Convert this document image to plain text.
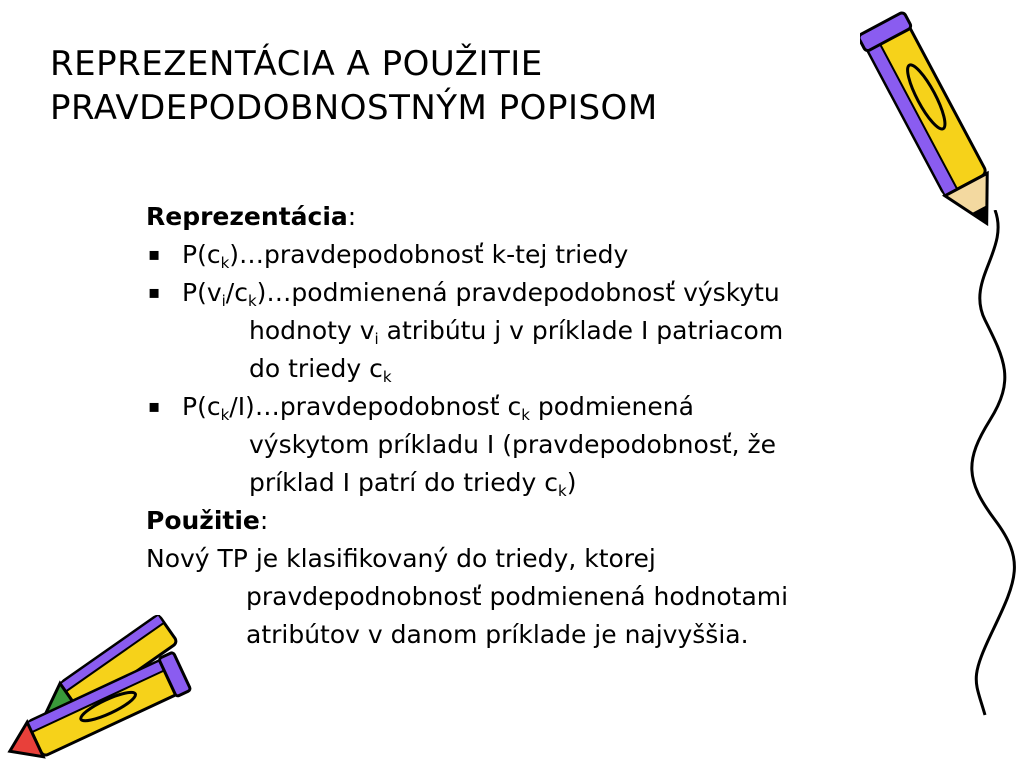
REPREZENTÁCIA A POUŽITIE
PRAVDEPODOBNOSTNÝM POPISOM
Reprezentácia:
▪ $P(c_k)\dots pravdepodobnosť$ k-tej triedy
▪ $P(v_i/c_k)\dots podmienená$ pravdepodobnosť výskytu
hodnoty $v_i$ atribútu j v príklade I patriacom
do triedy $c_k$
▪ $P(c_k/I)\dots pravdepodobnosť$ $c_k$ podmienená
výskytom príkladu I (pravdepodobnosť, že
príklad I patrí do triedy $c_k$)
Použitie:
Nový TP je klasifikovaný do triedy, ktorej
pravdepodnobnosť podmienená hodnotami
atribútov v danom príklade je najvyššia.
